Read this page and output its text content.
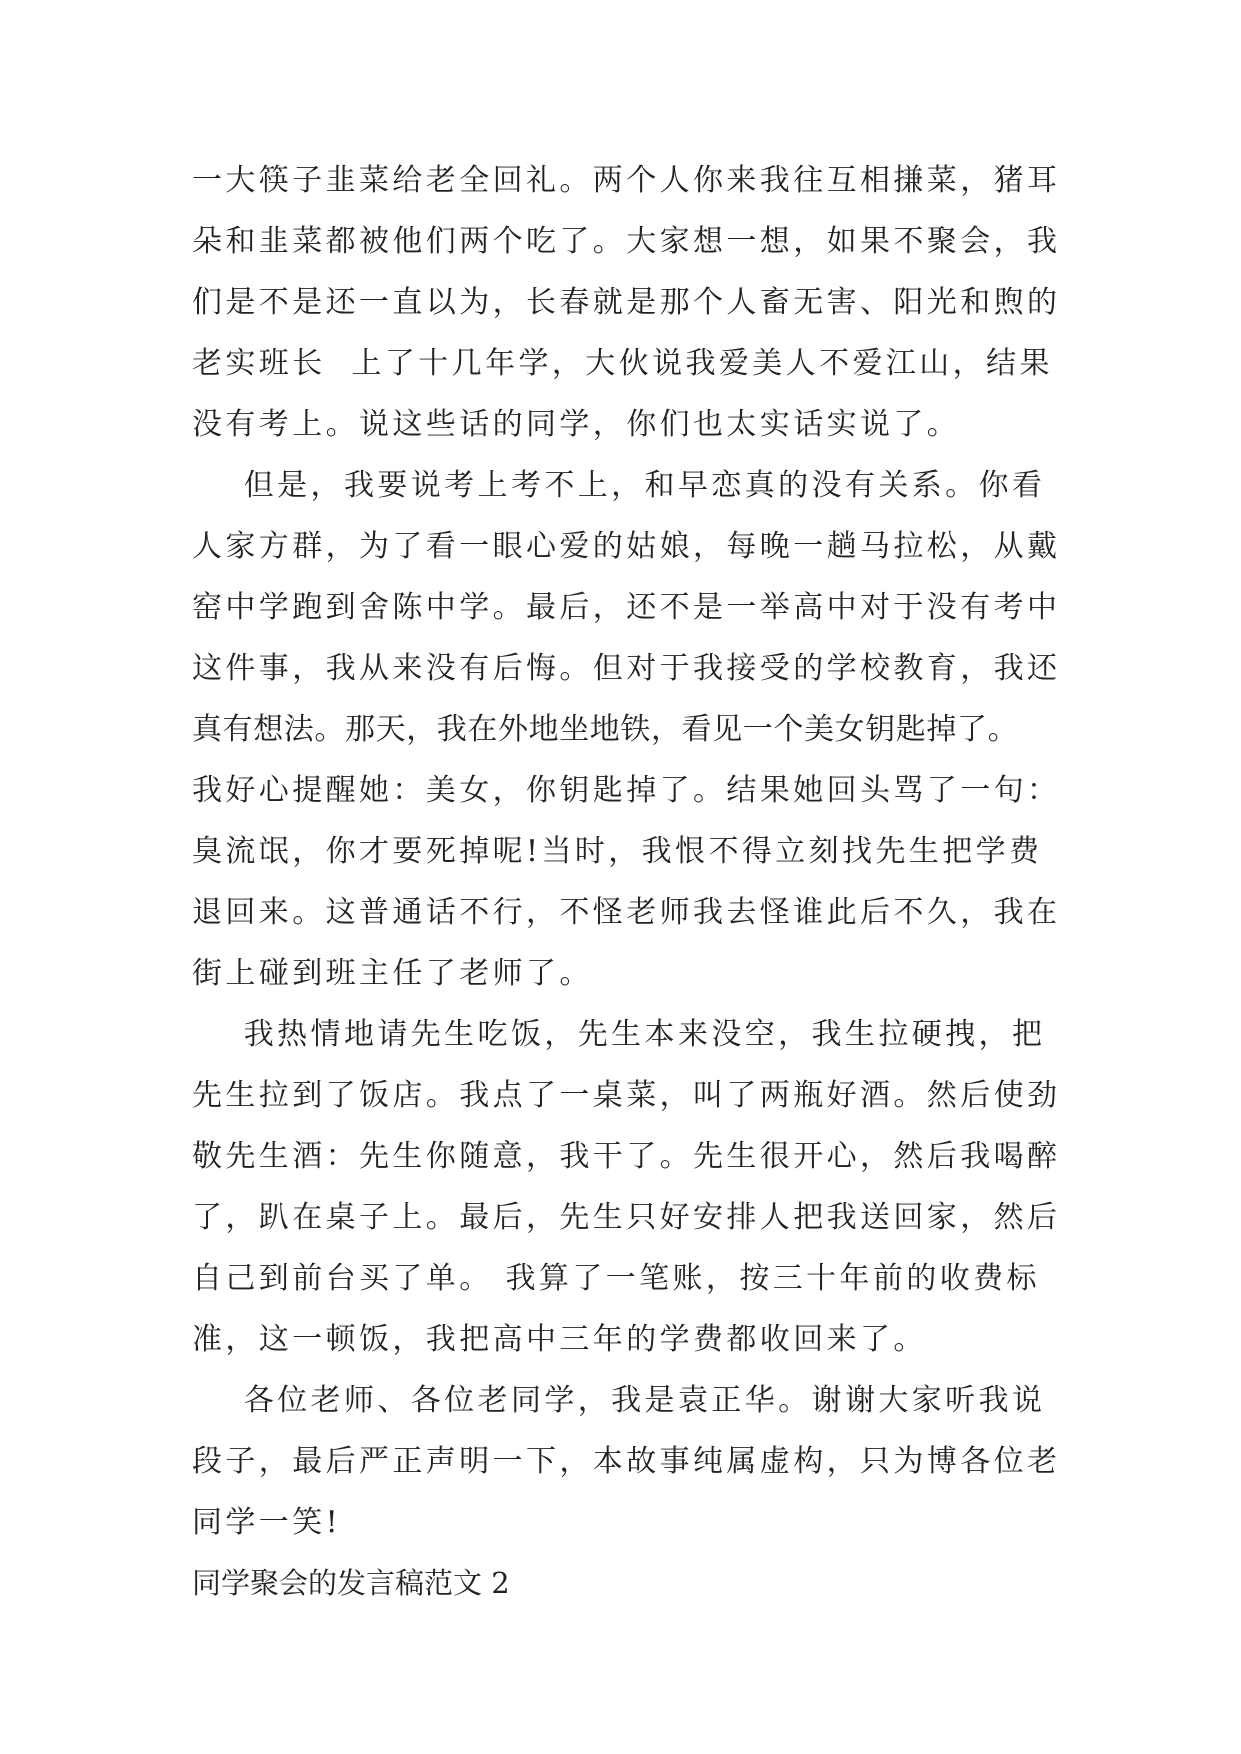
一大筷子韭菜给老全回礼。两个人你来我往互相搛菜，猪耳
朵和韭菜都被他们两个吃了。大家想一想，如果不聚会，我
们是不是还一直以为，长春就是那个人畜无害、阳光和煦的
老实班长  上了十几年学，大伙说我爱美人不爱江山，结果
没有考上。说这些话的同学，你们也太实话实说了。
但是，我要说考上考不上，和早恋真的没有关系。你看
人家方群，为了看一眼心爱的姑娘，每晚一趟马拉松，从戴
窑中学跑到舍陈中学。最后，还不是一举高中对于没有考中
这件事，我从来没有后悔。但对于我接受的学校教育，我还
真有想法。那天，我在外地坐地铁，看见一个美女钥匙掉了。
我好心提醒她：美女，你钥匙掉了。结果她回头骂了一句：
臭流氓，你才要死掉呢!当时，我恨不得立刻找先生把学费
退回来。这普通话不行，不怪老师我去怪谁此后不久，我在
街上碰到班主任了老师了。
我热情地请先生吃饭，先生本来没空，我生拉硬拽，把
先生拉到了饭店。我点了一桌菜，叫了两瓶好酒。然后使劲
敬先生酒：先生你随意，我干了。先生很开心，然后我喝醉
了，趴在桌子上。最后，先生只好安排人把我送回家，然后
自己到前台买了单。 我算了一笔账，按三十年前的收费标
准，这一顿饭，我把高中三年的学费都收回来了。
各位老师、各位老同学，我是袁正华。谢谢大家听我说
段子，最后严正声明一下，本故事纯属虚构，只为博各位老
同学一笑!
同学聚会的发言稿范文 2
